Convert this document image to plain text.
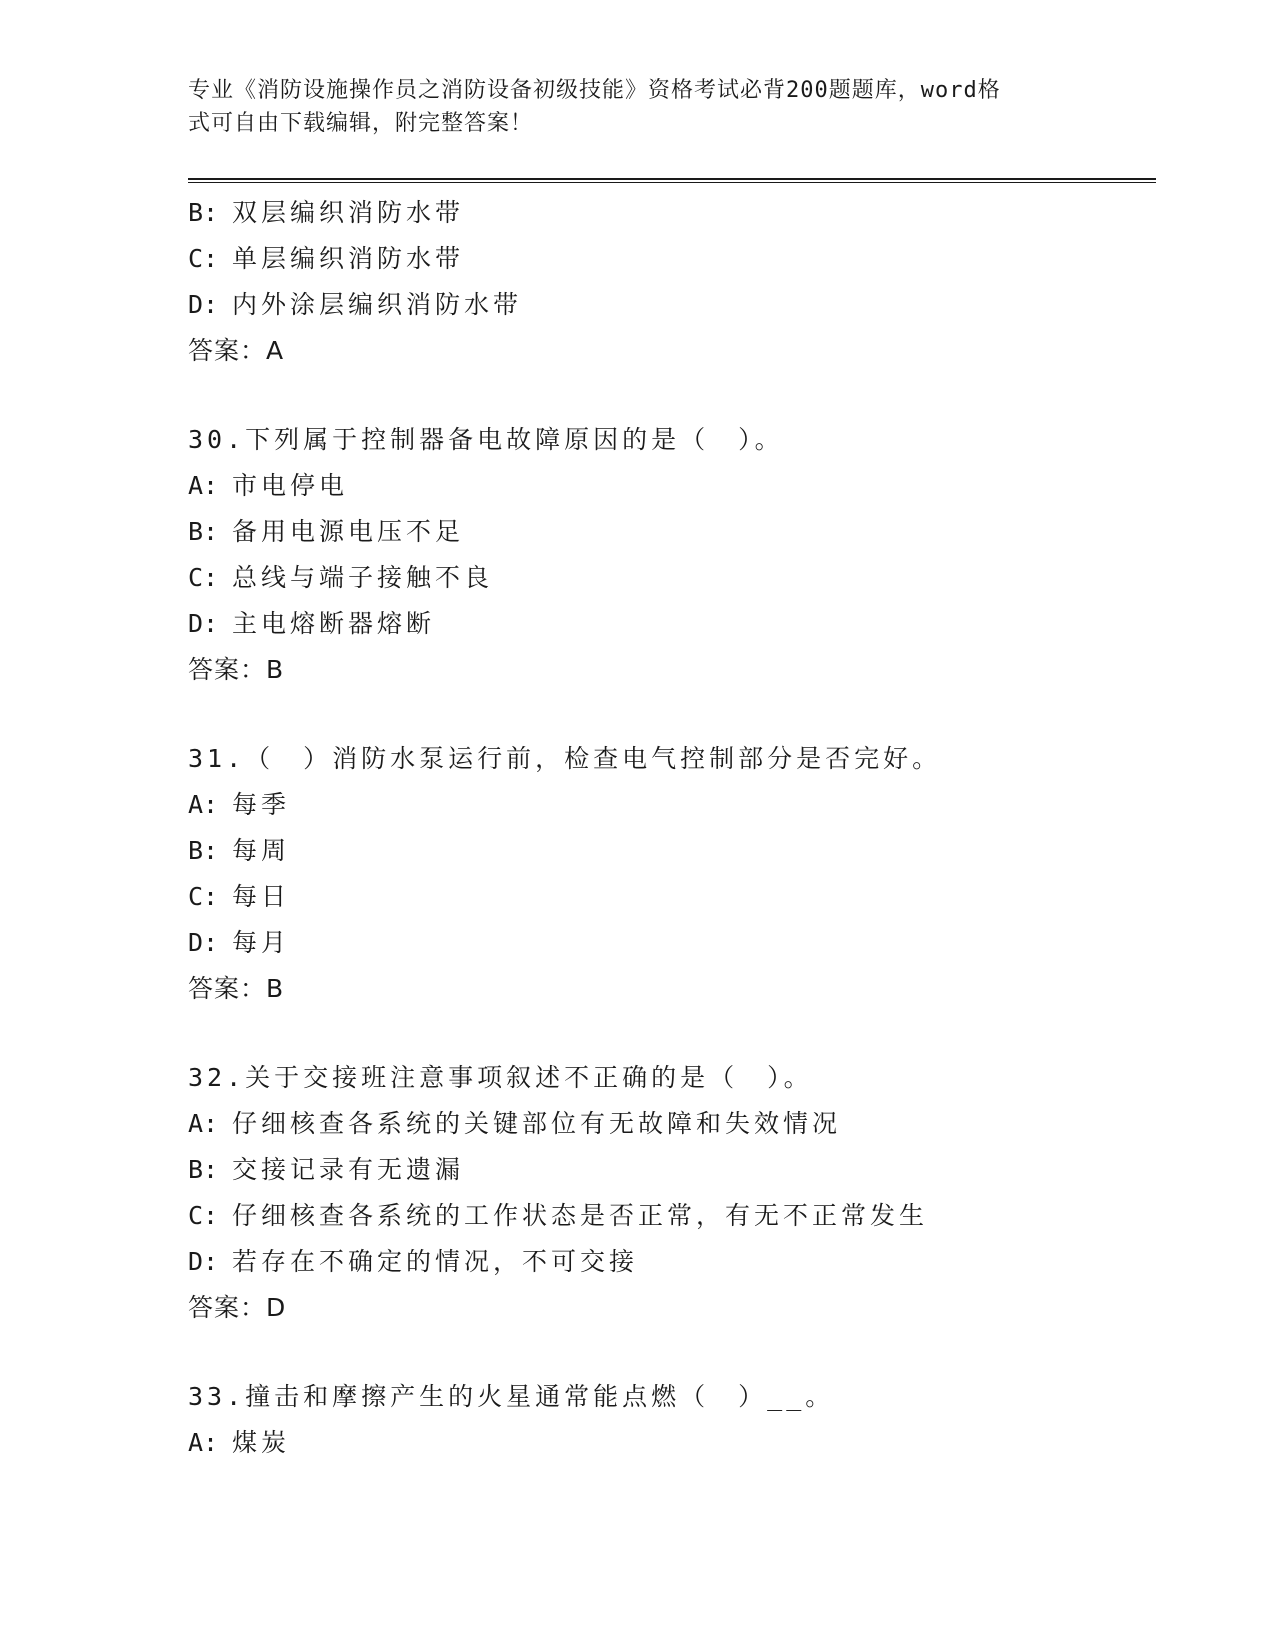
专业《消防设施操作员之消防设备初级技能》资格考试必背200题题库，word格
式可自由下载编辑，附完整答案！
B: 双层编织消防水带
C: 单层编织消防水带
D: 内外涂层编织消防水带
答案：A
30.下列属于控制器备电故障原因的是（　）。
A: 市电停电
B: 备用电源电压不足
C: 总线与端子接触不良
D: 主电熔断器熔断
答案：B
31.（　）消防水泵运行前，检查电气控制部分是否完好。
A: 每季
B: 每周
C: 每日
D: 每月
答案：B
32.关于交接班注意事项叙述不正确的是（　）。
A: 仔细核查各系统的关键部位有无故障和失效情况
B: 交接记录有无遗漏
C: 仔细核查各系统的工作状态是否正常，有无不正常发生
D: 若存在不确定的情况，不可交接
答案：D
33.撞击和摩擦产生的火星通常能点燃（　）__。
A: 煤炭
